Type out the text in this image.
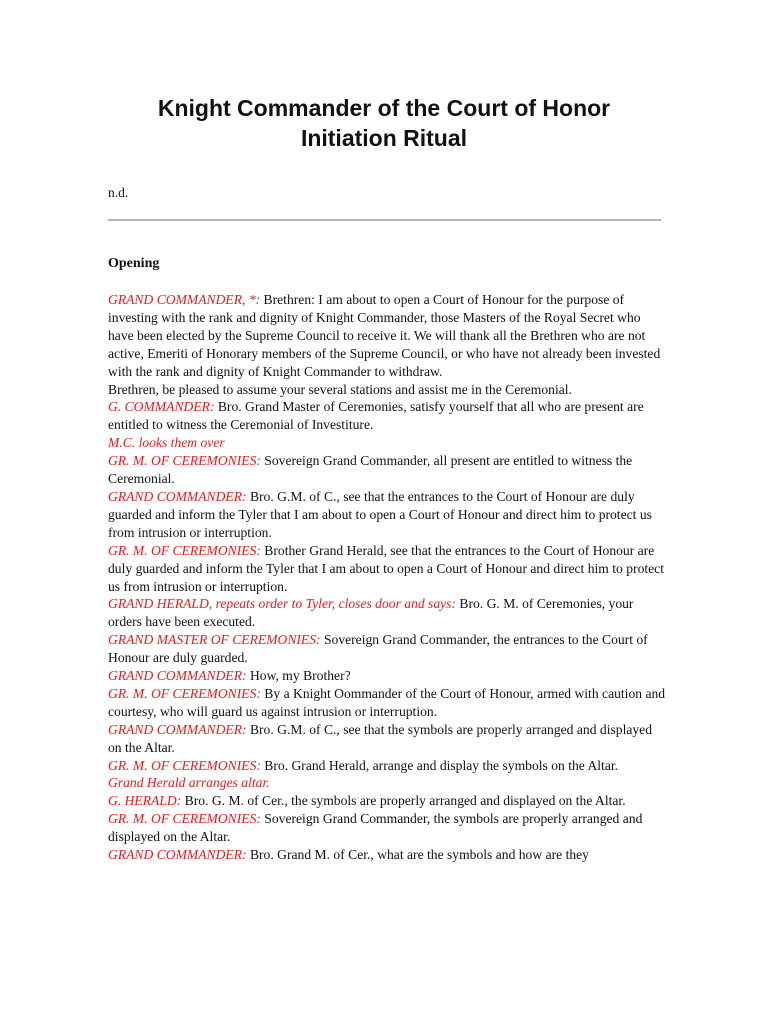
Knight Commander of the Court of Honor
Initiation Ritual
n.d.
Opening
GRAND COMMANDER, *: Brethren: I am about to open a Court of Honour for the purpose of investing with the rank and dignity of Knight Commander, those Masters of the Royal Secret who have been elected by the Supreme Council to receive it. We will thank all the Brethren who are not active, Emeriti of Honorary members of the Supreme Council, or who have not already been invested with the rank and dignity of Knight Commander to withdraw.
Brethren, be pleased to assume your several stations and assist me in the Ceremonial.
G. COMMANDER: Bro. Grand Master of Ceremonies, satisfy yourself that all who are present are entitled to witness the Ceremonial of Investiture.
M.C. looks them over
GR. M. OF CEREMONIES: Sovereign Grand Commander, all present are entitled to witness the Ceremonial.
GRAND COMMANDER: Bro. G.M. of C., see that the entrances to the Court of Honour are duly guarded and inform the Tyler that I am about to open a Court of Honour and direct him to protect us from intrusion or interruption.
GR. M. OF CEREMONIES: Brother Grand Herald, see that the entrances to the Court of Honour are duly guarded and inform the Tyler that I am about to open a Court of Honour and direct him to protect us from intrusion or interruption.
GRAND HERALD, repeats order to Tyler, closes door and says: Bro. G. M. of Ceremonies, your orders have been executed.
GRAND MASTER OF CEREMONIES: Sovereign Grand Commander, the entrances to the Court of Honour are duly guarded.
GRAND COMMANDER: How, my Brother?
GR. M. OF CEREMONIES: By a Knight Oommander of the Court of Honour, armed with caution and courtesy, who will guard us against intrusion or interruption.
GRAND COMMANDER: Bro. G.M. of C., see that the symbols are properly arranged and displayed on the Altar.
GR. M. OF CEREMONIES: Bro. Grand Herald, arrange and display the symbols on the Altar.
Grand Herald arranges altar.
G. HERALD: Bro. G. M. of Cer., the symbols are properly arranged and displayed on the Altar.
GR. M. OF CEREMONIES: Sovereign Grand Commander, the symbols are properly arranged and displayed on the Altar.
GRAND COMMANDER: Bro. Grand M. of Cer., what are the symbols and how are they
